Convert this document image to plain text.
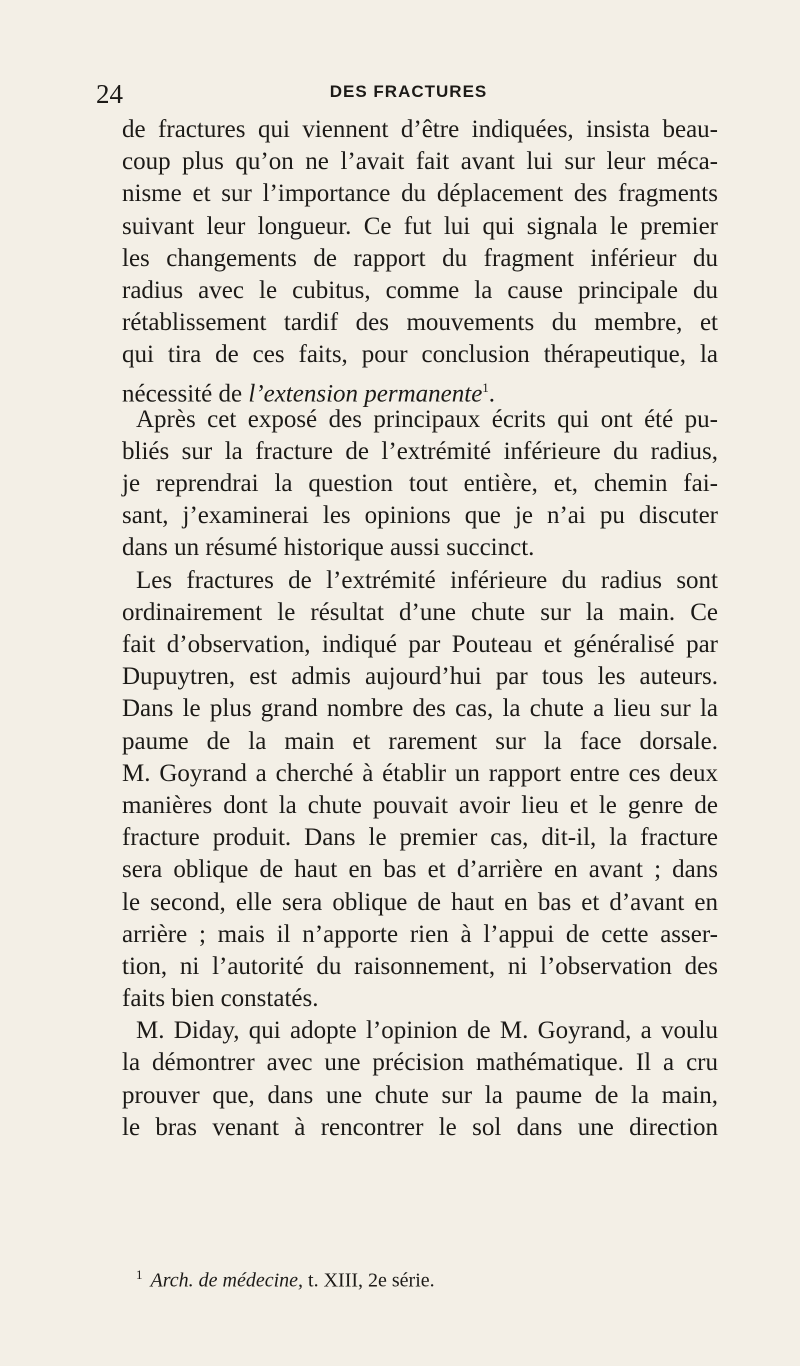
24	DES FRACTURES
de fractures qui viennent d’être indiquées, insista beau-
coup plus qu’on ne l’avait fait avant lui sur leur méca-
nisme et sur l’importance du déplacement des fragments
suivant leur longueur. Ce fut lui qui signala le premier
les changements de rapport du fragment inférieur du
radius avec le cubitus, comme la cause principale du
rétablissement tardif des mouvements du membre, et
qui tira de ces faits, pour conclusion thérapeutique, la
nécessité de l’extension permanente$^1$.
Après cet exposé des principaux écrits qui ont été pu-
bliés sur la fracture de l’extrémité inférieure du radius,
je reprendrai la question tout entière, et, chemin fai-
sant, j’examinerai les opinions que je n’ai pu discuter
dans un résumé historique aussi succinct.
Les fractures de l’extrémité inférieure du radius sont
ordinairement le résultat d’une chute sur la main. Ce
fait d’observation, indiqué par Pouteau et généralisé par
Dupuytren, est admis aujourd’hui par tous les auteurs.
Dans le plus grand nombre des cas, la chute a lieu sur la
paume de la main et rarement sur la face dorsale.
M. Goyrand a cherché à établir un rapport entre ces deux
manières dont la chute pouvait avoir lieu et le genre de
fracture produit. Dans le premier cas, dit-il, la fracture
sera oblique de haut en bas et d’arrière en avant ; dans
le second, elle sera oblique de haut en bas et d’avant en
arrière ; mais il n’apporte rien à l’appui de cette asser-
tion, ni l’autorité du raisonnement, ni l’observation des
faits bien constatés.
M. Diday, qui adopte l’opinion de M. Goyrand, a voulu
la démontrer avec une précision mathématique. Il a cru
prouver que, dans une chute sur la paume de la main,
le bras venant à rencontrer le sol dans une direction
$^1$ Arch. de médecine, t. XIII, 2e série.
